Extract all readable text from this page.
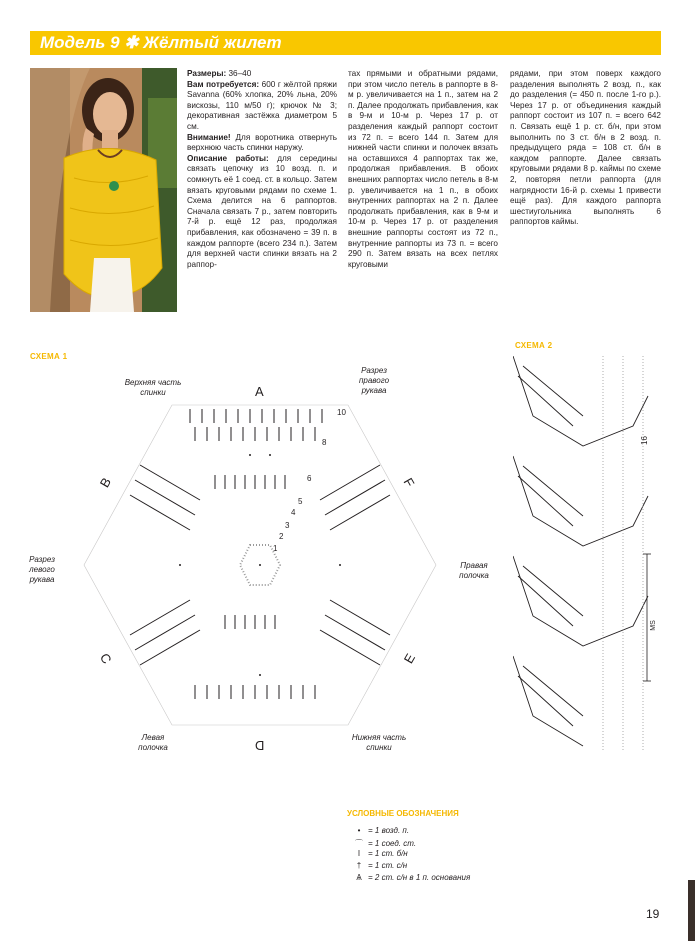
Модель 9 ✱ Жёлтый жилет

Размеры: 36–40

Вам потребуется: 600 г жёлтой пряжи Savanna (60% хлопка, 20% льна, 20% вискозы, 110 м/50 г); крючок № 3; декоративная застёжка диаметром 5 см.

Внимание! Для воротника отвернуть верхнюю часть спинки наружу.

Описание работы: для середины связать цепочку из 10 возд. п. и сомкнуть её 1 соед. ст. в кольцо. Затем вязать круговыми рядами по схеме 1. Схема делится на 6 раппортов. Сначала связать 7 р., затем повторить 7-й р. ещё 12 раз, продолжая прибавления, как обозначено = 39 п. в каждом раппорте (всего 234 п.). Затем для верхней части спинки вязать на 2 раппор-

тах прямыми и обратными рядами, при этом число петель в раппорте в 8-м р. увеличивается на 1 п., затем на 2 п. Далее продолжать прибавления, как в 9-м и 10-м р. Через 17 р. от разделения каждый раппорт состоит из 72 п. = всего 144 п. Затем для нижней части спинки и полочек вязать на оставшихся 4 раппортах так же, продолжая прибавления. В обоих внешних раппортах число петель в 8-м р. увеличивается на 1 п., в обоих внутренних раппортах на 2 п. Далее продолжать прибавления, как в 9-м и 10-м р. Через 17 р. от разделения внешние раппорты состоят из 72 п., внутренние раппорты из 73 п. = всего 290 п. Затем вязать на всех петлях круговыми

рядами, при этом поверх каждого разделения выполнять 2 возд. п., как до разделения (= 450 п. после 1-го р.). Через 17 р. от объединения каждый раппорт состоит из 107 п. = всего 642 п. Связать ещё 1 р. ст. б/н, при этом выполнить по 3 ст. б/н в 2 возд. п. предыдущего ряда = 108 ст. б/н в каждом раппорте. Далее связать круговыми рядами 8 р. каймы по схеме 2, повторяя петли раппорта (для нагрядности 16-й р. схемы 1 привести ещё раз). Для каждого раппорта шестиугольника выполнять 6 раппортов каймы.

СХЕМА 1
Верхняя часть спинки
Разрез правого рукава
Разрез левого рукава
Правая полочка
Левая полочка
Нижняя часть спинки
A
B
C
D
E
F
10
8
6
5
4
3
2
1
СХЕМА 2
16
МS
УСЛОВНЫЕ ОБОЗНАЧЕНИЯ
• = 1 возд. п.
⌒ = 1 соед. ст.
I = 1 ст. б/н
† = 1 ст. с/н
Ѧ = 2 ст. с/н в 1 п. основания
19
